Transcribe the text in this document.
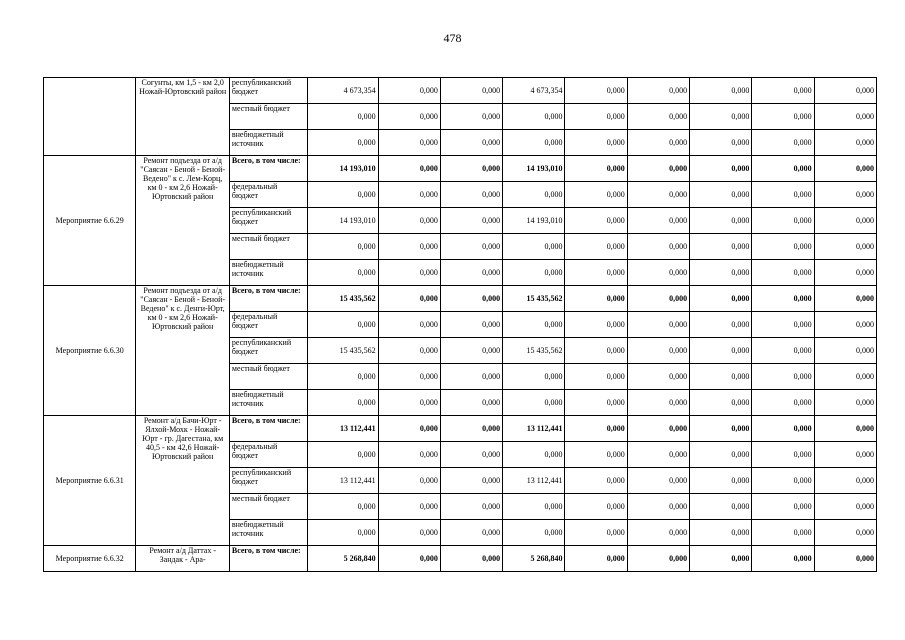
478
	Согунты, км 1,5 - км 2,0 Ножай-Юртовский район	республиканский бюджет	4 673,354	0,000	0,000	4 673,354	0,000	0,000	0,000	0,000	0,000
		местный бюджет	0,000	0,000	0,000	0,000	0,000	0,000	0,000	0,000	0,000
		внебюджетный источник	0,000	0,000	0,000	0,000	0,000	0,000	0,000	0,000	0,000
Мероприятие 6.6.29	Ремонт подъезда от а/д "Саясан - Беной - Беной-Ведено" к с. Лем-Корц, км 0 - км 2,6 Ножай-Юртовский район	Всего, в том числе:	14 193,010	0,000	0,000	14 193,010	0,000	0,000	0,000	0,000	0,000
		федеральный бюджет	0,000	0,000	0,000	0,000	0,000	0,000	0,000	0,000	0,000
		республиканский бюджет	14 193,010	0,000	0,000	14 193,010	0,000	0,000	0,000	0,000	0,000
		местный бюджет	0,000	0,000	0,000	0,000	0,000	0,000	0,000	0,000	0,000
		внебюджетный источник	0,000	0,000	0,000	0,000	0,000	0,000	0,000	0,000	0,000
Мероприятие 6.6.30	Ремонт подъезда от а/д "Саясан - Беной - Беной-Ведено" к с. Денги-Юрт, км 0 - км 2,6 Ножай-Юртовский район	Всего, в том числе:	15 435,562	0,000	0,000	15 435,562	0,000	0,000	0,000	0,000	0,000
		федеральный бюджет	0,000	0,000	0,000	0,000	0,000	0,000	0,000	0,000	0,000
		республиканский бюджет	15 435,562	0,000	0,000	15 435,562	0,000	0,000	0,000	0,000	0,000
		местный бюджет	0,000	0,000	0,000	0,000	0,000	0,000	0,000	0,000	0,000
		внебюджетный источник	0,000	0,000	0,000	0,000	0,000	0,000	0,000	0,000	0,000
Мероприятие 6.6.31	Ремонт а/д Бачи-Юрт - Ялхой-Мохк - Ножай-Юрт - гр. Дагестана, км 40,5 - км 42,6 Ножай-Юртовский район	Всего, в том числе:	13 112,441	0,000	0,000	13 112,441	0,000	0,000	0,000	0,000	0,000
		федеральный бюджет	0,000	0,000	0,000	0,000	0,000	0,000	0,000	0,000	0,000
		республиканский бюджет	13 112,441	0,000	0,000	13 112,441	0,000	0,000	0,000	0,000	0,000
		местный бюджет	0,000	0,000	0,000	0,000	0,000	0,000	0,000	0,000	0,000
		внебюджетный источник	0,000	0,000	0,000	0,000	0,000	0,000	0,000	0,000	0,000
Мероприятие 6.6.32	Ремонт а/д Даттах - Зандак - Ара-	Всего, в том числе:	5 268,840	0,000	0,000	5 268,840	0,000	0,000	0,000	0,000	0,000
